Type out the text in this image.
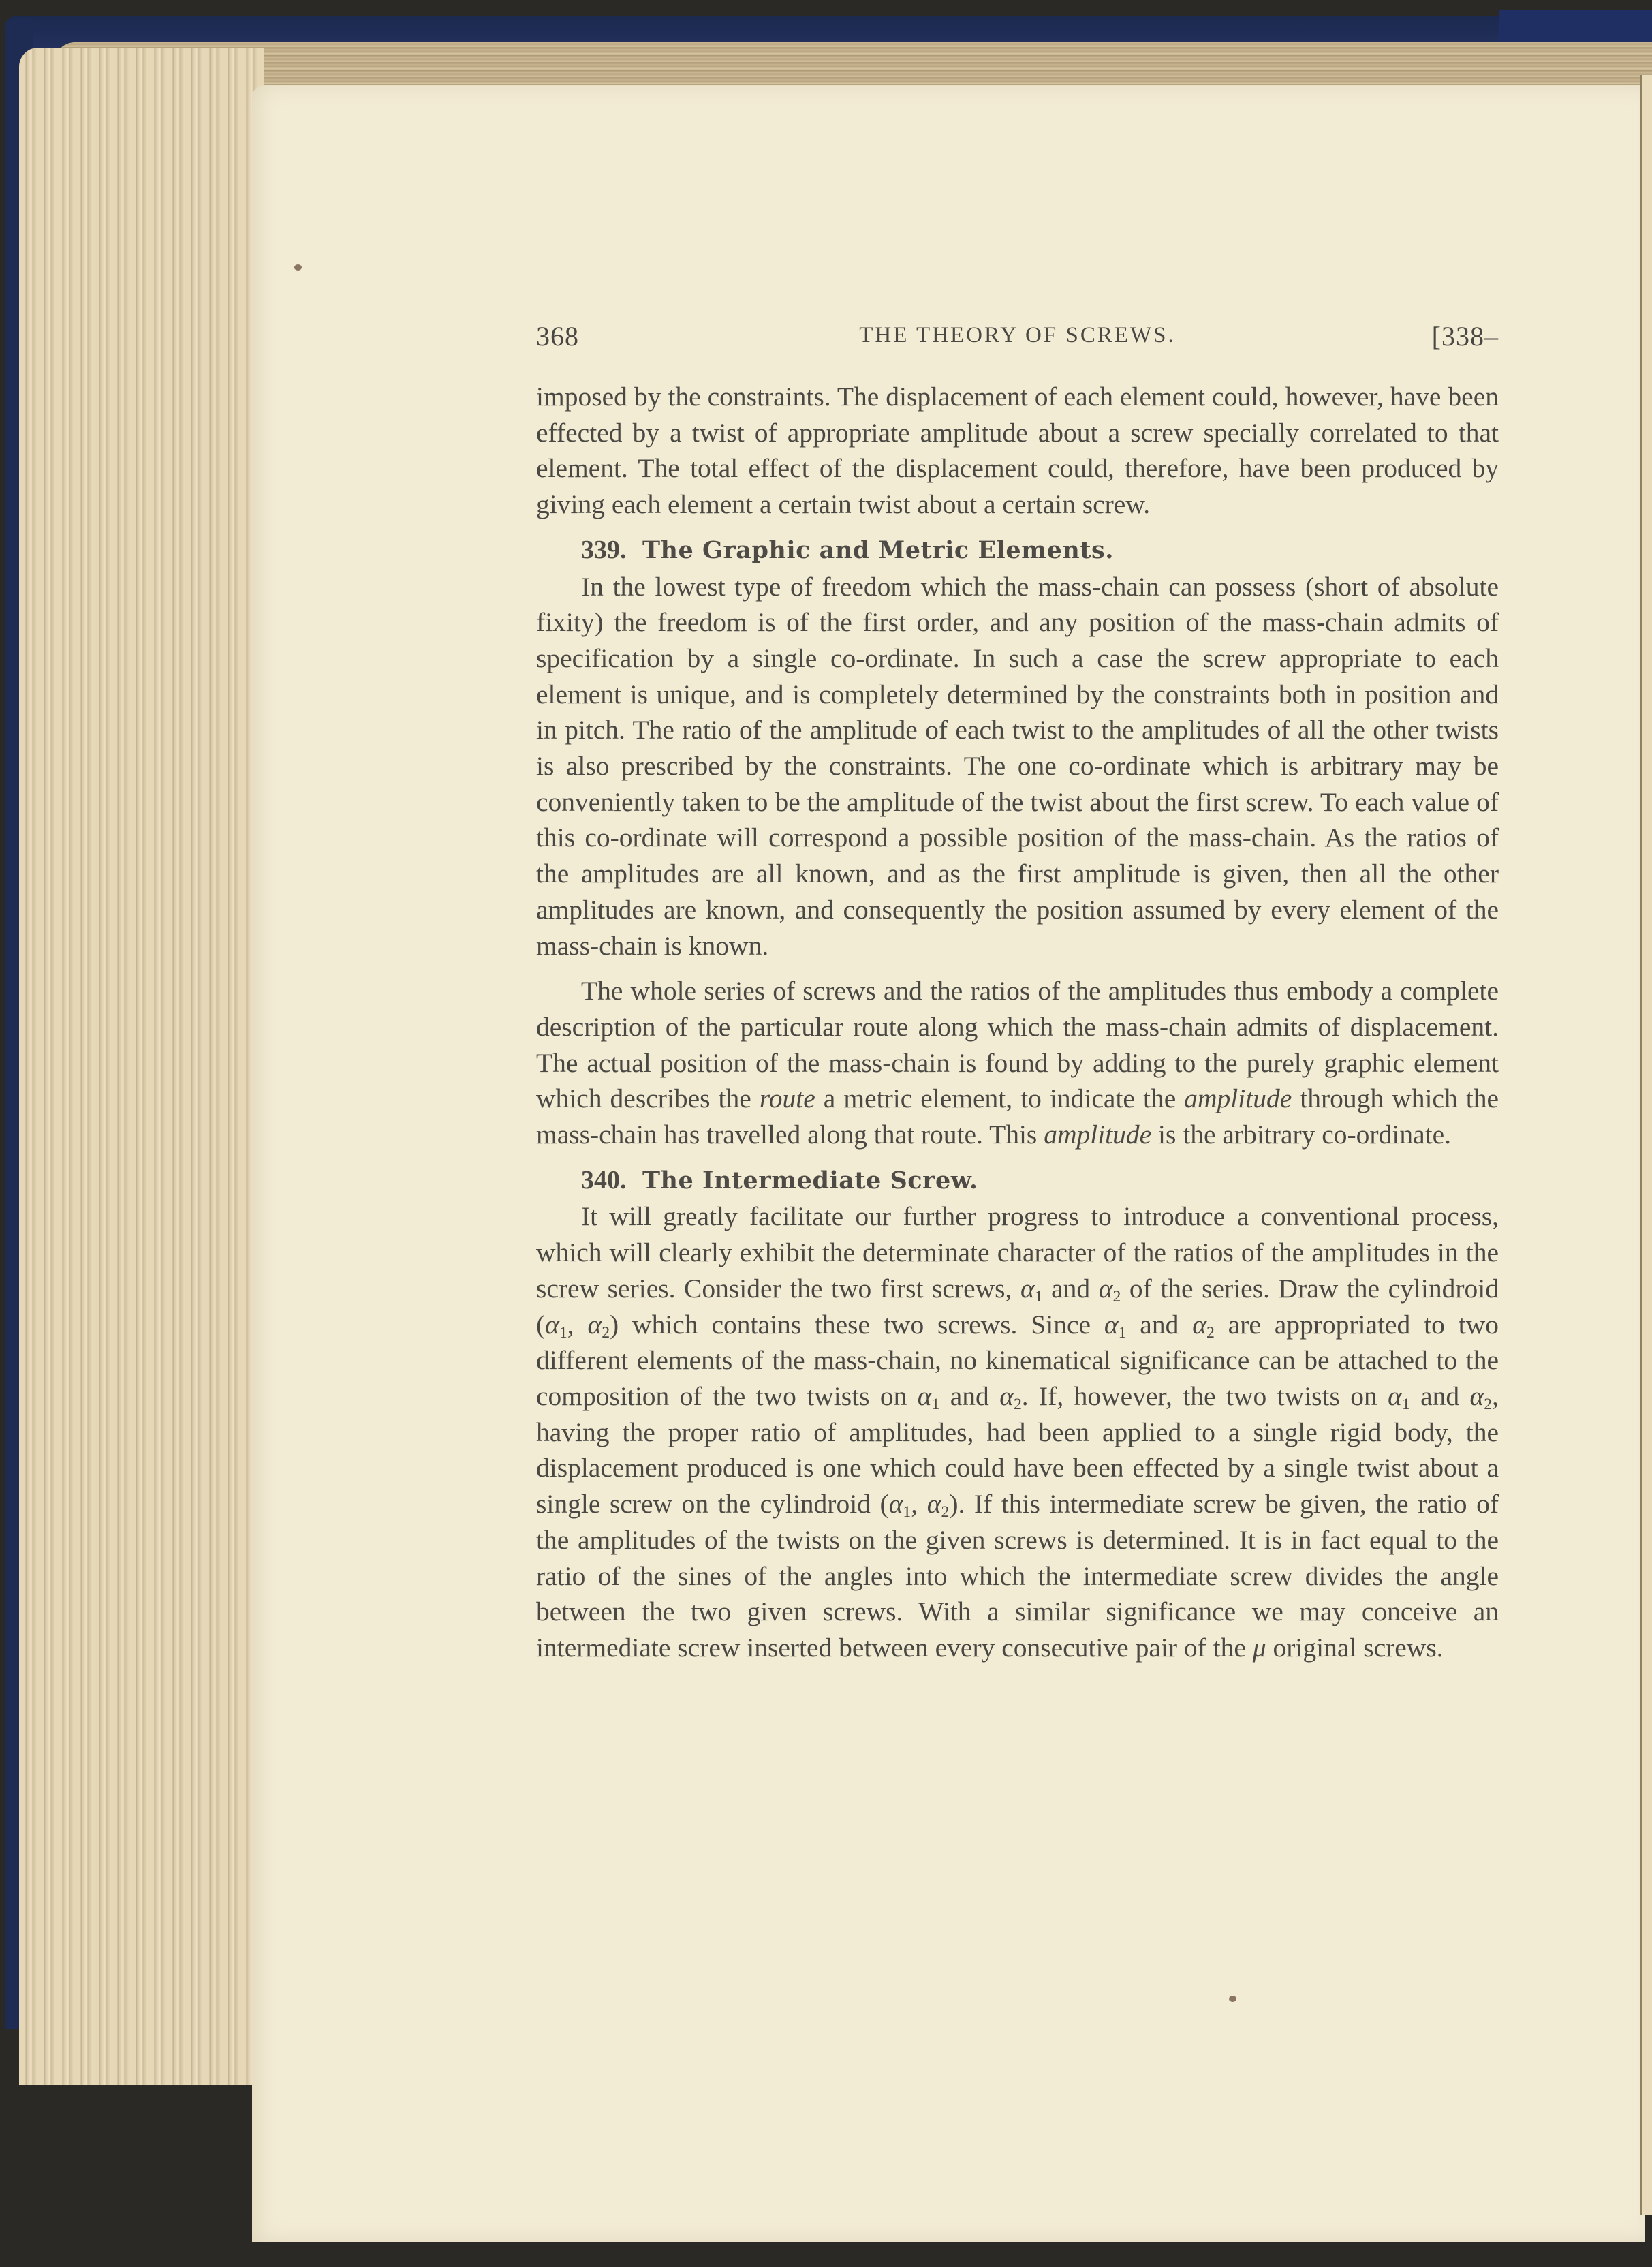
368	THE THEORY OF SCREWS.	[338–

imposed by the constraints. The displacement of each element could, however, have been effected by a twist of appropriate amplitude about a screw specially correlated to that element. The total effect of the displacement could, therefore, have been produced by giving each element a certain twist about a certain screw.

339. The Graphic and Metric Elements.

In the lowest type of freedom which the mass-chain can possess (short of absolute fixity) the freedom is of the first order, and any position of the mass-chain admits of specification by a single co-ordinate. In such a case the screw appropriate to each element is unique, and is completely determined by the constraints both in position and in pitch. The ratio of the amplitude of each twist to the amplitudes of all the other twists is also prescribed by the constraints. The one co-ordinate which is arbitrary may be conveniently taken to be the amplitude of the twist about the first screw. To each value of this co-ordinate will correspond a possible position of the mass-chain. As the ratios of the amplitudes are all known, and as the first amplitude is given, then all the other amplitudes are known, and consequently the position assumed by every element of the mass-chain is known.

The whole series of screws and the ratios of the amplitudes thus embody a complete description of the particular route along which the mass-chain admits of displacement. The actual position of the mass-chain is found by adding to the purely graphic element which describes the route a metric element, to indicate the amplitude through which the mass-chain has travelled along that route. This amplitude is the arbitrary co-ordinate.

340. The Intermediate Screw.

It will greatly facilitate our further progress to introduce a conventional process, which will clearly exhibit the determinate character of the ratios of the amplitudes in the screw series. Consider the two first screws, $\alpha_1$ and $\alpha_2$ of the series. Draw the cylindroid ($\alpha_1$, $\alpha_2$) which contains these two screws. Since $\alpha_1$ and $\alpha_2$ are appropriated to two different elements of the mass-chain, no kinematical significance can be attached to the composition of the two twists on $\alpha_1$ and $\alpha_2$. If, however, the two twists on $\alpha_1$ and $\alpha_2$, having the proper ratio of amplitudes, had been applied to a single rigid body, the displacement produced is one which could have been effected by a single twist about a single screw on the cylindroid ($\alpha_1$, $\alpha_2$). If this intermediate screw be given, the ratio of the amplitudes of the twists on the given screws is determined. It is in fact equal to the ratio of the sines of the angles into which the intermediate screw divides the angle between the two given screws. With a similar significance we may conceive an intermediate screw inserted between every consecutive pair of the μ original screws.
